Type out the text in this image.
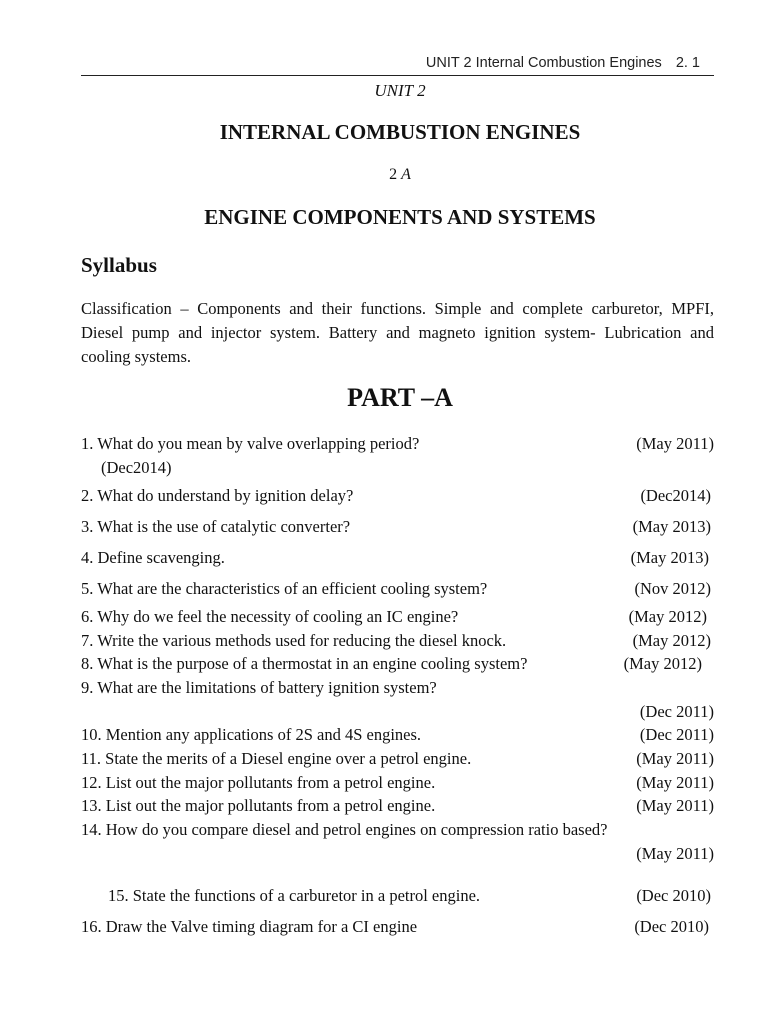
UNIT 2 Internal Combustion Engines 2. 1
UNIT 2
INTERNAL COMBUSTION ENGINES
2 A
ENGINE COMPONENTS AND SYSTEMS
Syllabus
Classification – Components and their functions. Simple and complete carburetor, MPFI, Diesel pump and injector system. Battery and magneto ignition system- Lubrication and cooling systems.
PART –A
1. What do you mean by valve overlapping period?	(May 2011)
(Dec2014)
2. What do understand by ignition delay?	(Dec2014)
3. What is the use of catalytic converter?	(May 2013)
4. Define scavenging.	(May 2013)
5. What are the characteristics of an efficient cooling system?	(Nov 2012)
6. Why do we feel the necessity of cooling an IC engine?	(May 2012)
7. Write the various methods used for reducing the diesel knock.	(May 2012)
8. What is the purpose of a thermostat in an engine cooling system?	(May 2012)
9. What are the limitations of battery ignition system?
(Dec 2011)
10. Mention any applications of 2S and 4S engines.	(Dec 2011)
11. State the merits of a Diesel engine over a petrol engine.	(May 2011)
12. List out the major pollutants from a petrol engine.	(May 2011)
13. List out the major pollutants from a petrol engine.	(May 2011)
14. How do you compare diesel and petrol engines on compression ratio based?
(May 2011)
15. State the functions of a carburetor in a petrol engine.	(Dec 2010)
16. Draw the Valve timing diagram for a CI engine	(Dec 2010)
